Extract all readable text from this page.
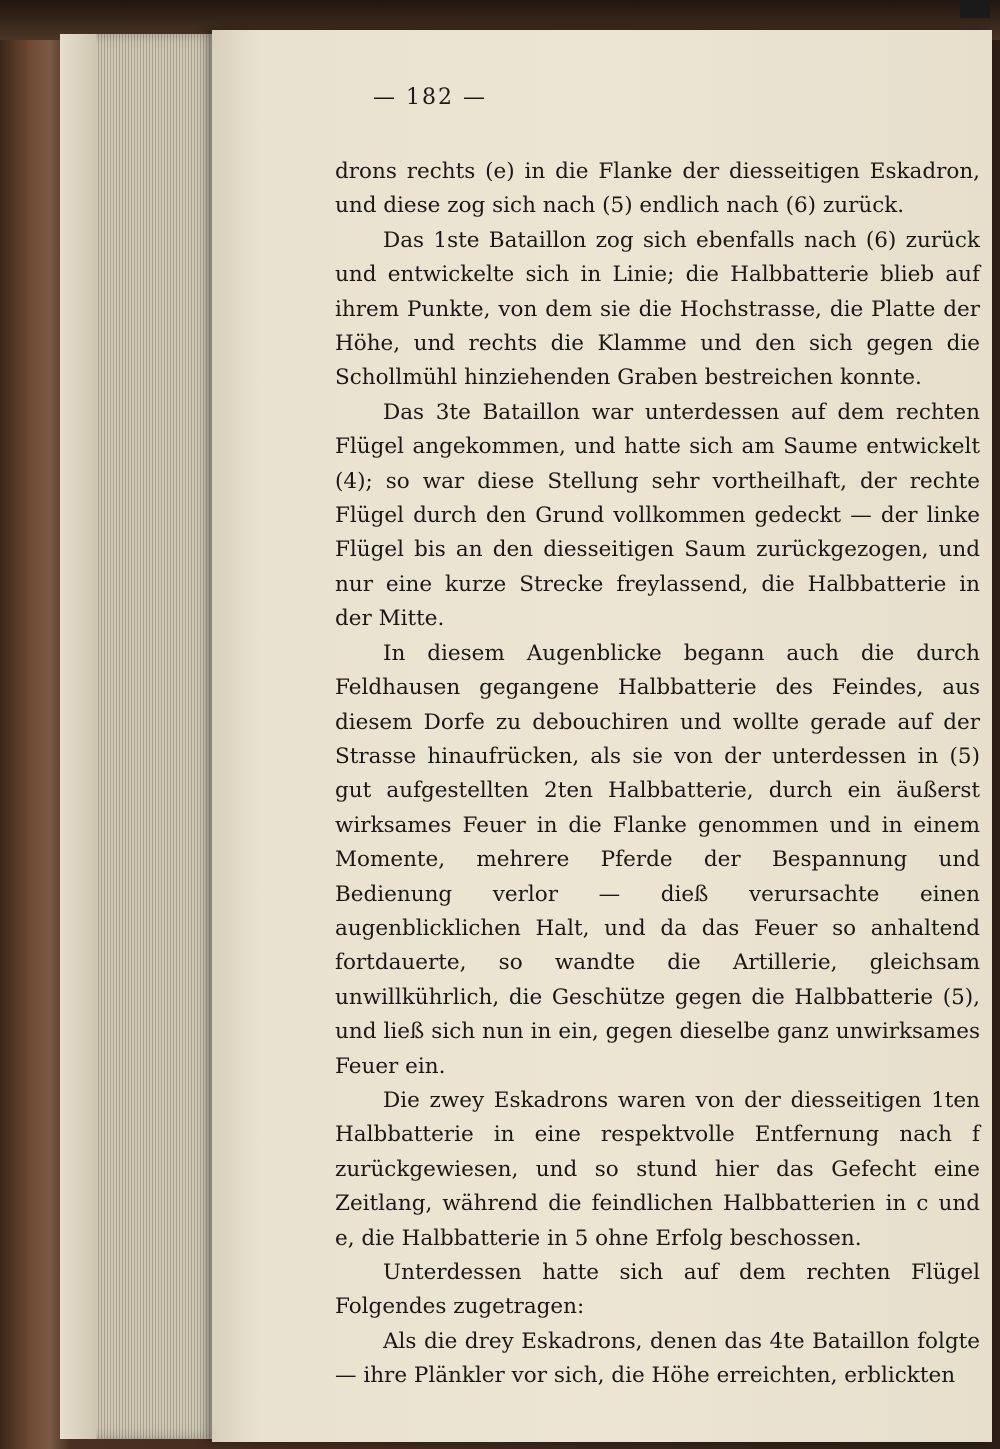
— 182 —

drons rechts (e) in die Flanke der diesseitigen Eskadron, und diese zog sich nach (5) endlich nach (6) zurück.

Das 1ste Bataillon zog sich ebenfalls nach (6) zurück und entwickelte sich in Linie; die Halbbatterie blieb auf ihrem Punkte, von dem sie die Hochstrasse, die Platte der Höhe, und rechts die Klamme und den sich gegen die Schollmühl hinziehenden Graben bestreichen konnte.

Das 3te Bataillon war unterdessen auf dem rechten Flügel angekommen, und hatte sich am Saume entwickelt (4); so war diese Stellung sehr vortheilhaft, der rechte Flügel durch den Grund vollkommen gedeckt — der linke Flügel bis an den diesseitigen Saum zurückgezogen, und nur eine kurze Strecke freylassend, die Halbbatterie in der Mitte.

In diesem Augenblicke begann auch die durch Feldhausen gegangene Halbbatterie des Feindes, aus diesem Dorfe zu debouchiren und wollte gerade auf der Strasse hinaufrücken, als sie von der unterdessen in (5) gut aufgestellten 2ten Halbbatterie, durch ein äußerst wirksames Feuer in die Flanke genommen und in einem Momente, mehrere Pferde der Bespannung und Bedienung verlor — dieß verursachte einen augenblicklichen Halt, und da das Feuer so anhaltend fortdauerte, so wandte die Artillerie, gleichsam unwillkührlich, die Geschütze gegen die Halbbatterie (5), und ließ sich nun in ein, gegen dieselbe ganz unwirksames Feuer ein.

Die zwey Eskadrons waren von der diesseitigen 1ten Halbbatterie in eine respektvolle Entfernung nach f zurückgewiesen, und so stund hier das Gefecht eine Zeitlang, während die feindlichen Halbbatterien in c und e, die Halbbatterie in 5 ohne Erfolg beschossen.

Unterdessen hatte sich auf dem rechten Flügel Folgendes zugetragen:

Als die drey Eskadrons, denen das 4te Bataillon folgte — ihre Plänkler vor sich, die Höhe erreichten, erblickten
